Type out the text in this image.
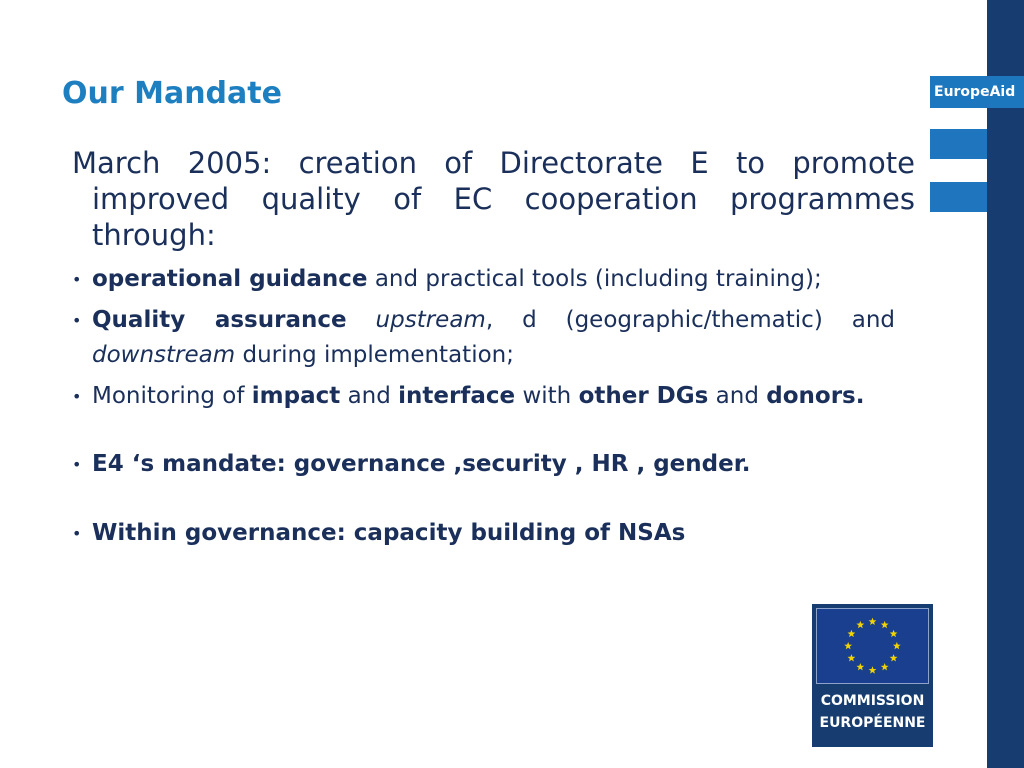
EuropeAid
Our Mandate

March 2005: creation of Directorate E to promote improved quality of EC cooperation programmes through:

• operational guidance and practical tools (including training);
• Quality assurance upstream, d (geographic/thematic) and downstream during implementation;
• Monitoring of impact and interface with other DGs and donors.
• E4 ‘s mandate: governance ,security , HR , gender.
• Within governance: capacity building of NSAs
COMMISSION
EUROPÉENNE
